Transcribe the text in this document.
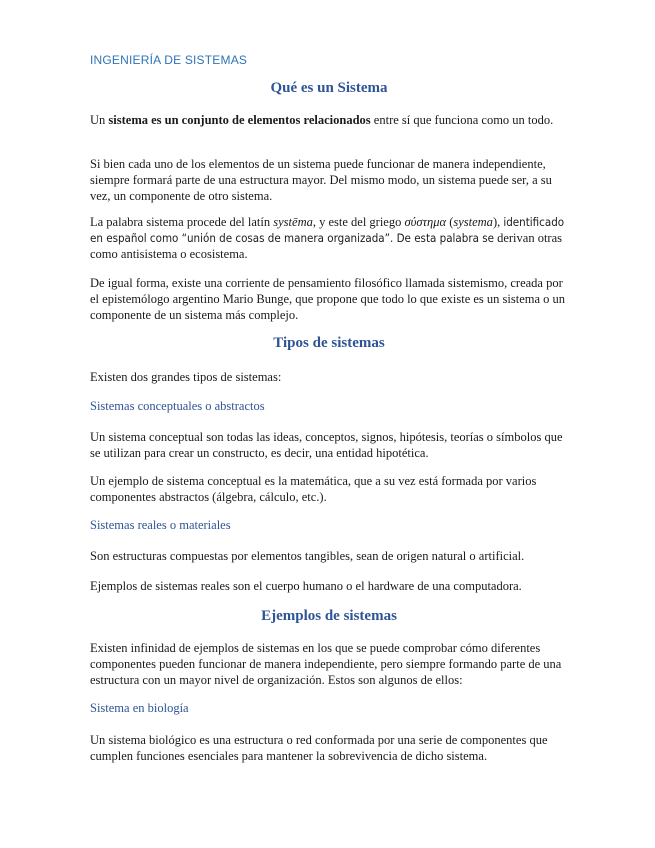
INGENIERÍA DE SISTEMAS
Qué es un Sistema

Un sistema es un conjunto de elementos relacionados entre sí que funciona como un todo.

Si bien cada uno de los elementos de un sistema puede funcionar de manera independiente, siempre formará parte de una estructura mayor. Del mismo modo, un sistema puede ser, a su vez, un componente de otro sistema.

La palabra sistema procede del latín systēma, y este del griego σύστημα (systema), identificado en español como “unión de cosas de manera organizada”. De esta palabra se derivan otras como antisistema o ecosistema.

De igual forma, existe una corriente de pensamiento filosófico llamada sistemismo, creada por el epistemólogo argentino Mario Bunge, que propone que todo lo que existe es un sistema o un componente de un sistema más complejo.

Tipos de sistemas

Existen dos grandes tipos de sistemas:

Sistemas conceptuales o abstractos

Un sistema conceptual son todas las ideas, conceptos, signos, hipótesis, teorías o símbolos que se utilizan para crear un constructo, es decir, una entidad hipotética.

Un ejemplo de sistema conceptual es la matemática, que a su vez está formada por varios componentes abstractos (álgebra, cálculo, etc.).

Sistemas reales o materiales

Son estructuras compuestas por elementos tangibles, sean de origen natural o artificial.

Ejemplos de sistemas reales son el cuerpo humano o el hardware de una computadora.

Ejemplos de sistemas

Existen infinidad de ejemplos de sistemas en los que se puede comprobar cómo diferentes componentes pueden funcionar de manera independiente, pero siempre formando parte de una estructura con un mayor nivel de organización. Estos son algunos de ellos:

Sistema en biología

Un sistema biológico es una estructura o red conformada por una serie de componentes que cumplen funciones esenciales para mantener la sobrevivencia de dicho sistema.
